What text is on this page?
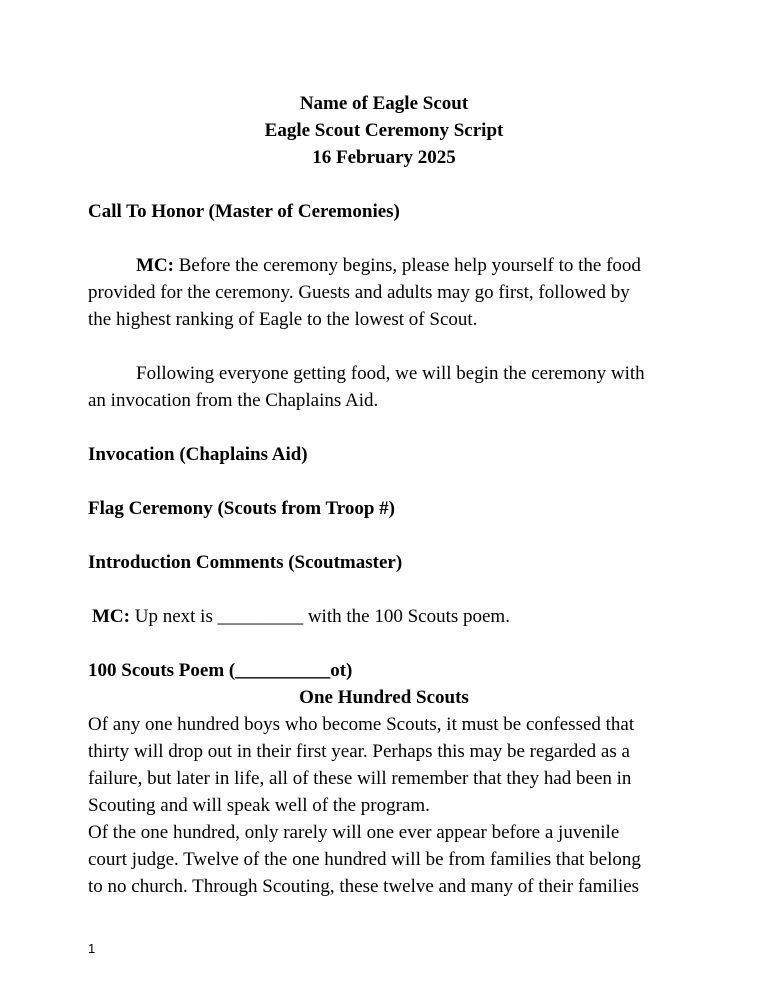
Name of Eagle Scout
Eagle Scout Ceremony Script
16 February 2025
Call To Honor (Master of Ceremonies)
MC: Before the ceremony begins, please help yourself to the food
provided for the ceremony. Guests and adults may go first, followed by
the highest ranking of Eagle to the lowest of Scout.
Following everyone getting food, we will begin the ceremony with
an invocation from the Chaplains Aid.
Invocation (Chaplains Aid)
Flag Ceremony (Scouts from Troop #)
Introduction Comments (Scoutmaster)
MC: Up next is _________ with the 100 Scouts poem.
100 Scouts Poem (__________ot)
One Hundred Scouts
Of any one hundred boys who become Scouts, it must be confessed that
thirty will drop out in their first year. Perhaps this may be regarded as a
failure, but later in life, all of these will remember that they had been in
Scouting and will speak well of the program.
Of the one hundred, only rarely will one ever appear before a juvenile
court judge. Twelve of the one hundred will be from families that belong
to no church. Through Scouting, these twelve and many of their families
1
